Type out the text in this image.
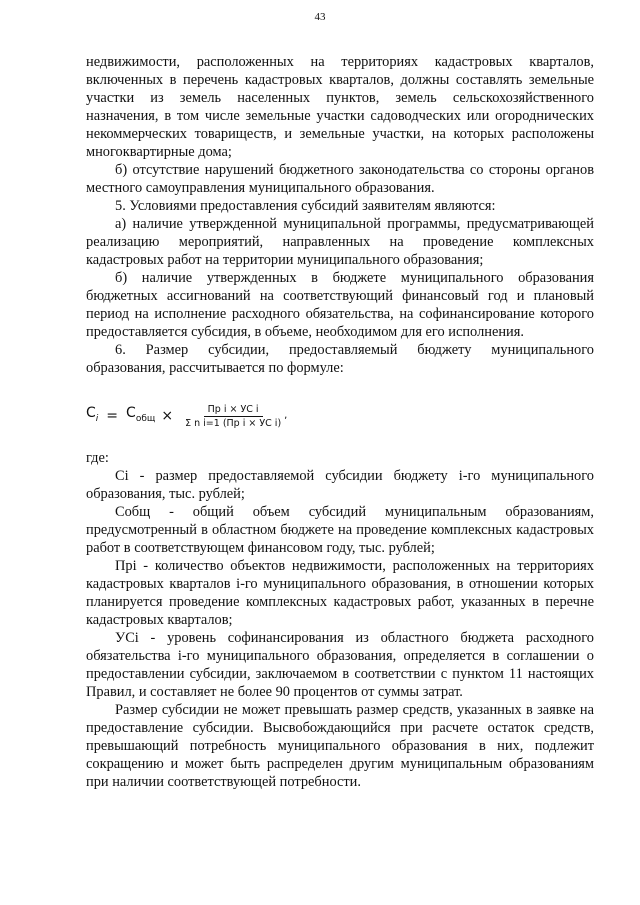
43

недвижимости, расположенных на территориях кадастровых кварталов, включенных в перечень кадастровых кварталов, должны составлять земельные участки из земель населенных пунктов, земель сельскохозяйственного назначения, в том числе земельные участки садоводческих или огороднических некоммерческих товариществ, и земельные участки, на которых расположены многоквартирные дома;

б) отсутствие нарушений бюджетного законодательства со стороны органов местного самоуправления муниципального образования.

5. Условиями предоставления субсидий заявителям являются:

а) наличие утвержденной муниципальной программы, предусматривающей реализацию мероприятий, направленных на проведение комплексных кадастровых работ на территории муниципального образования;

б) наличие утвержденных в бюджете муниципального образования бюджетных ассигнований на соответствующий финансовый год и плановый период на исполнение расходного обязательства, на софинансирование которого предоставляется субсидия, в объеме, необходимом для его исполнения.

6. Размер субсидии, предоставляемый бюджету муниципального образования, рассчитывается по формуле:

$С_i = С_{общ} \times \frac{\text{Пр i × УС i}}{\text{Σ n i=1 (Пр i × УС i)}}$ ,

где:

Сi - размер предоставляемой субсидии бюджету i-го муниципального образования, тыс. рублей;

Собщ - общий объем субсидий муниципальным образованиям, предусмотренный в областном бюджете на проведение комплексных кадастровых работ в соответствующем финансовом году, тыс. рублей;

Прi - количество объектов недвижимости, расположенных на территориях кадастровых кварталов i-го муниципального образования, в отношении которых планируется проведение комплексных кадастровых работ, указанных в перечне кадастровых кварталов;

УСi - уровень софинансирования из областного бюджета расходного обязательства i-го муниципального образования, определяется в соглашении о предоставлении субсидии, заключаемом в соответствии с пунктом 11 настоящих Правил, и составляет не более 90 процентов от суммы затрат.

Размер субсидии не может превышать размер средств, указанных в заявке на предоставление субсидии. Высвобождающийся при расчете остаток средств, превышающий потребность муниципального образования в них, подлежит сокращению и может быть распределен другим муниципальным образованиям при наличии соответствующей потребности.
